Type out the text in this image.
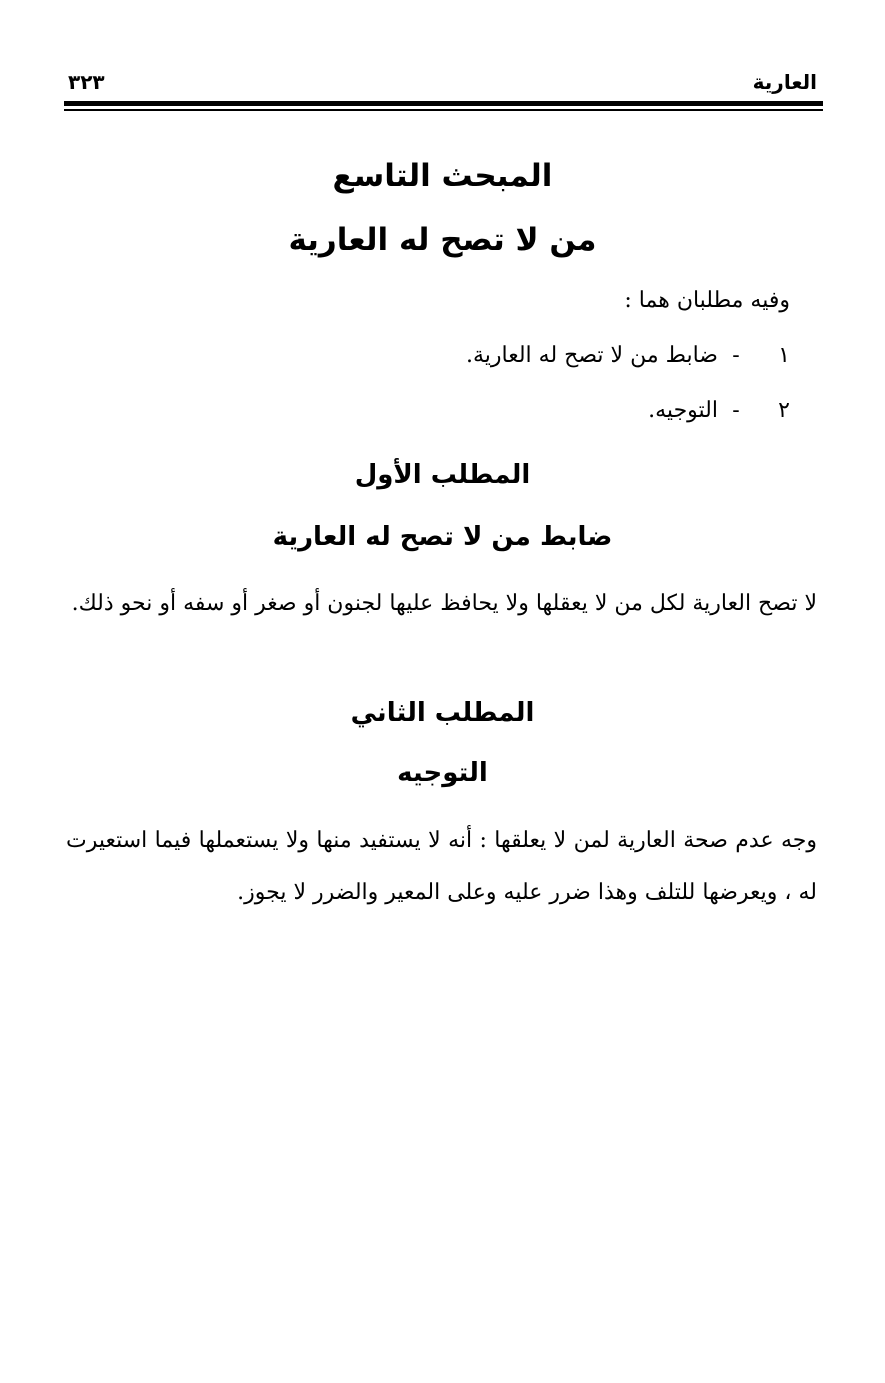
العارية
٣٢٣
المبحث التاسع
من لا تصح له العارية
وفيه مطلبان هما :
١ - ضابط من لا تصح له العارية.
٢ - التوجيه.
المطلب الأول
ضابط من لا تصح له العارية
لا تصح العارية لكل من لا يعقلها ولا يحافظ عليها لجنون أو صغر أو سفه أو نحو ذلك.
المطلب الثاني
التوجيه
وجه عدم صحة العارية لمن لا يعلقها : أنه لا يستفيد منها ولا يستعملها فيما استعيرت له ، ويعرضها للتلف وهذا ضرر عليه وعلى المعير والضرر لا يجوز.
